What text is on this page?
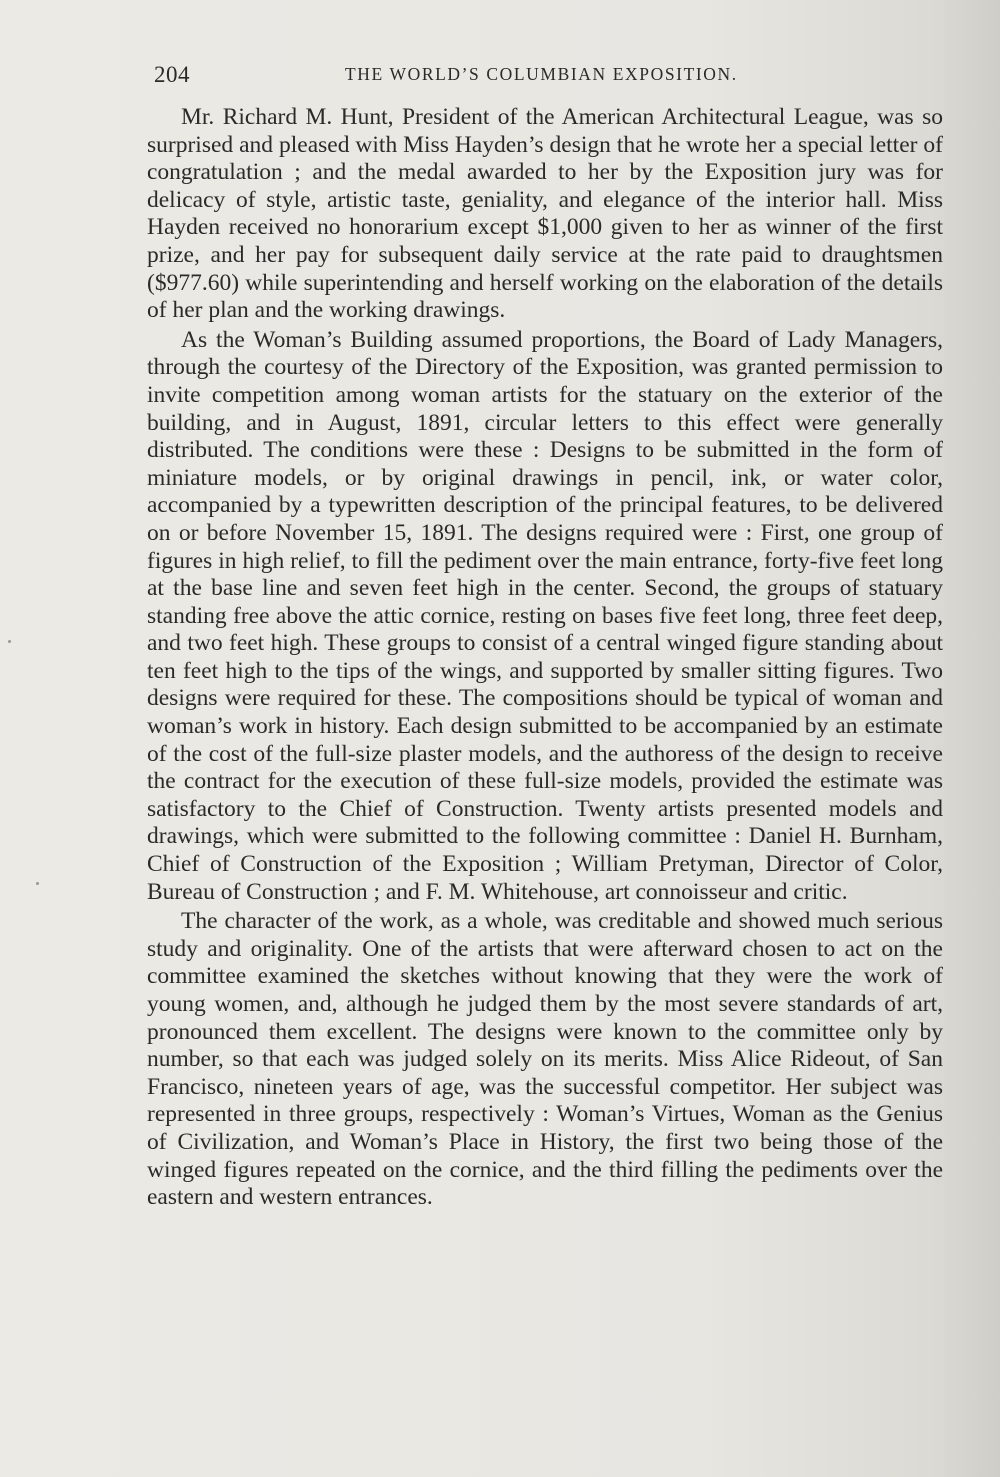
204	THE WORLD’S COLUMBIAN EXPOSITION.

Mr. Richard M. Hunt, President of the American Architectural League, was so surprised and pleased with Miss Hayden’s design that he wrote her a special letter of congratulation ; and the medal awarded to her by the Exposition jury was for delicacy of style, artistic taste, geniality, and elegance of the interior hall. Miss Hayden received no honorarium except $1,000 given to her as winner of the first prize, and her pay for subsequent daily service at the rate paid to draughtsmen ($977.60) while superintending and herself working on the elaboration of the details of her plan and the working drawings.

As the Woman’s Building assumed proportions, the Board of Lady Managers, through the courtesy of the Directory of the Exposition, was granted permission to invite competition among woman artists for the statuary on the exterior of the building, and in August, 1891, circular letters to this effect were generally distributed. The conditions were these : Designs to be submitted in the form of miniature models, or by original drawings in pencil, ink, or water color, accompanied by a typewritten description of the principal features, to be delivered on or before November 15, 1891. The designs required were : First, one group of figures in high relief, to fill the pediment over the main entrance, forty-five feet long at the base line and seven feet high in the center. Second, the groups of statuary standing free above the attic cornice, resting on bases five feet long, three feet deep, and two feet high. These groups to consist of a central winged figure standing about ten feet high to the tips of the wings, and supported by smaller sitting figures. Two designs were required for these. The compositions should be typical of woman and woman’s work in history. Each design submitted to be accompanied by an estimate of the cost of the full-size plaster models, and the authoress of the design to receive the contract for the execution of these full-size models, provided the estimate was satisfactory to the Chief of Construction. Twenty artists presented models and drawings, which were submitted to the following committee : Daniel H. Burnham, Chief of Construction of the Exposition ; William Pretyman, Director of Color, Bureau of Construction ; and F. M. Whitehouse, art connoisseur and critic.

The character of the work, as a whole, was creditable and showed much serious study and originality. One of the artists that were afterward chosen to act on the committee examined the sketches without knowing that they were the work of young women, and, although he judged them by the most severe standards of art, pronounced them excellent. The designs were known to the committee only by number, so that each was judged solely on its merits. Miss Alice Rideout, of San Francisco, nineteen years of age, was the successful competitor. Her subject was represented in three groups, respectively : Woman’s Virtues, Woman as the Genius of Civilization, and Woman’s Place in History, the first two being those of the winged figures repeated on the cornice, and the third filling the pediments over the eastern and western entrances.
